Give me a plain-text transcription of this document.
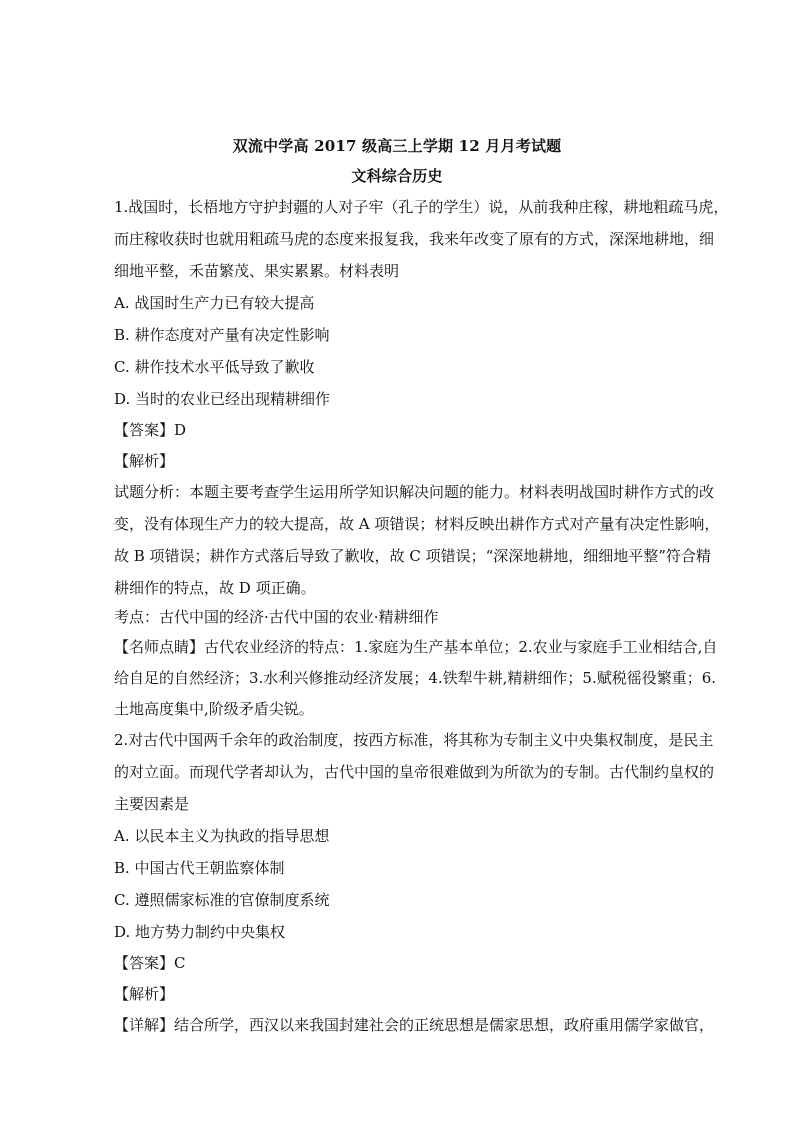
双流中学高 2017 级高三上学期 12 月月考试题
文科综合历史
1.战国时，长梧地方守护封疆的人对子牢（孔子的学生）说，从前我种庄稼，耕地粗疏马虎，
而庄稼收获时也就用粗疏马虎的态度来报复我，我来年改变了原有的方式，深深地耕地，细
细地平整，禾苗繁茂、果实累累。材料表明
A. 战国时生产力已有较大提高
B. 耕作态度对产量有决定性影响
C. 耕作技术水平低导致了歉收
D. 当时的农业已经出现精耕细作
【答案】D
【解析】
试题分析：本题主要考查学生运用所学知识解决问题的能力。材料表明战国时耕作方式的改
变，没有体现生产力的较大提高，故 A 项错误；材料反映出耕作方式对产量有决定性影响，
故 B 项错误；耕作方式落后导致了歉收，故 C 项错误；“深深地耕地，细细地平整”符合精
耕细作的特点，故 D 项正确。
考点：古代中国的经济·古代中国的农业·精耕细作
【名师点睛】古代农业经济的特点：1.家庭为生产基本单位；2.农业与家庭手工业相结合,自
给自足的自然经济；3.水利兴修推动经济发展；4.铁犁牛耕,精耕细作；5.赋税徭役繁重；6.
土地高度集中,阶级矛盾尖锐。
2.对古代中国两千余年的政治制度，按西方标准，将其称为专制主义中央集权制度，是民主
的对立面。而现代学者却认为，古代中国的皇帝很难做到为所欲为的专制。古代制约皇权的
主要因素是
A. 以民本主义为执政的指导思想
B. 中国古代王朝监察体制
C. 遵照儒家标准的官僚制度系统
D. 地方势力制约中央集权
【答案】C
【解析】
【详解】结合所学，西汉以来我国封建社会的正统思想是儒家思想，政府重用儒学家做官，
